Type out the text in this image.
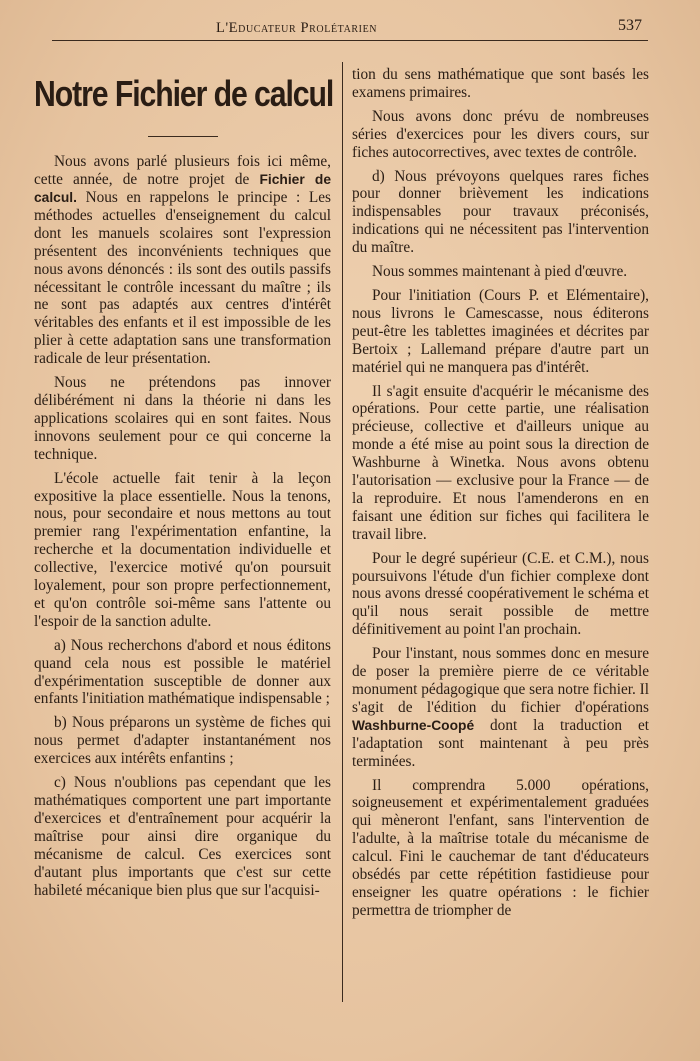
L'Educateur Prolétarien	537
Notre Fichier de calcul

Nous avons parlé plusieurs fois ici même, cette année, de notre projet de Fichier de calcul. Nous en rappelons le principe : Les méthodes actuelles d'enseignement du calcul dont les manuels scolaires sont l'expression présentent des inconvénients techniques que nous avons dénoncés : ils sont des outils passifs nécessitant le contrôle incessant du maître ; ils ne sont pas adaptés aux centres d'intérêt véritables des enfants et il est impossible de les plier à cette adaptation sans une transformation radicale de leur présentation.

Nous ne prétendons pas innover délibérément ni dans la théorie ni dans les applications scolaires qui en sont faites. Nous innovons seulement pour ce qui concerne la technique.

L'école actuelle fait tenir à la leçon expositive la place essentielle. Nous la tenons, nous, pour secondaire et nous mettons au tout premier rang l'expérimentation enfantine, la recherche et la documentation individuelle et collective, l'exercice motivé qu'on poursuit loyalement, pour son propre perfectionnement, et qu'on contrôle soi-même sans l'attente ou l'espoir de la sanction adulte.

a) Nous recherchons d'abord et nous éditons quand cela nous est possible le matériel d'expérimentation susceptible de donner aux enfants l'initiation mathématique indispensable ;

b) Nous préparons un système de fiches qui nous permet d'adapter instantanément nos exercices aux intérêts enfantins ;

c) Nous n'oublions pas cependant que les mathématiques comportent une part importante d'exercices et d'entraînement pour acquérir la maîtrise pour ainsi dire organique du mécanisme de calcul. Ces exercices sont d'autant plus importants que c'est sur cette habileté mécanique bien plus que sur l'acquisi-

tion du sens mathématique que sont basés les examens primaires.

Nous avons donc prévu de nombreuses séries d'exercices pour les divers cours, sur fiches autocorrectives, avec textes de contrôle.

d) Nous prévoyons quelques rares fiches pour donner brièvement les indications indispensables pour travaux préconisés, indications qui ne nécessitent pas l'intervention du maître.

Nous sommes maintenant à pied d'œuvre.

Pour l'initiation (Cours P. et Elémentaire), nous livrons le Camescasse, nous éditerons peut-être les tablettes imaginées et décrites par Bertoix ; Lallemand prépare d'autre part un matériel qui ne manquera pas d'intérêt.

Il s'agit ensuite d'acquérir le mécanisme des opérations. Pour cette partie, une réalisation précieuse, collective et d'ailleurs unique au monde a été mise au point sous la direction de Washburne à Winetka. Nous avons obtenu l'autorisation — exclusive pour la France — de la reproduire. Et nous l'amenderons en en faisant une édition sur fiches qui facilitera le travail libre.

Pour le degré supérieur (C.E. et C.M.), nous poursuivons l'étude d'un fichier complexe dont nous avons dressé coopérativement le schéma et qu'il nous serait possible de mettre définitivement au point l'an prochain.

Pour l'instant, nous sommes donc en mesure de poser la première pierre de ce véritable monument pédagogique que sera notre fichier. Il s'agit de l'édition du fichier d'opérations Washburne-Coopé dont la traduction et l'adaptation sont maintenant à peu près terminées.

Il comprendra 5.000 opérations, soigneusement et expérimentalement graduées qui mèneront l'enfant, sans l'intervention de l'adulte, à la maîtrise totale du mécanisme de calcul. Fini le cauchemar de tant d'éducateurs obsédés par cette répétition fastidieuse pour enseigner les quatre opérations : le fichier permettra de triompher de
